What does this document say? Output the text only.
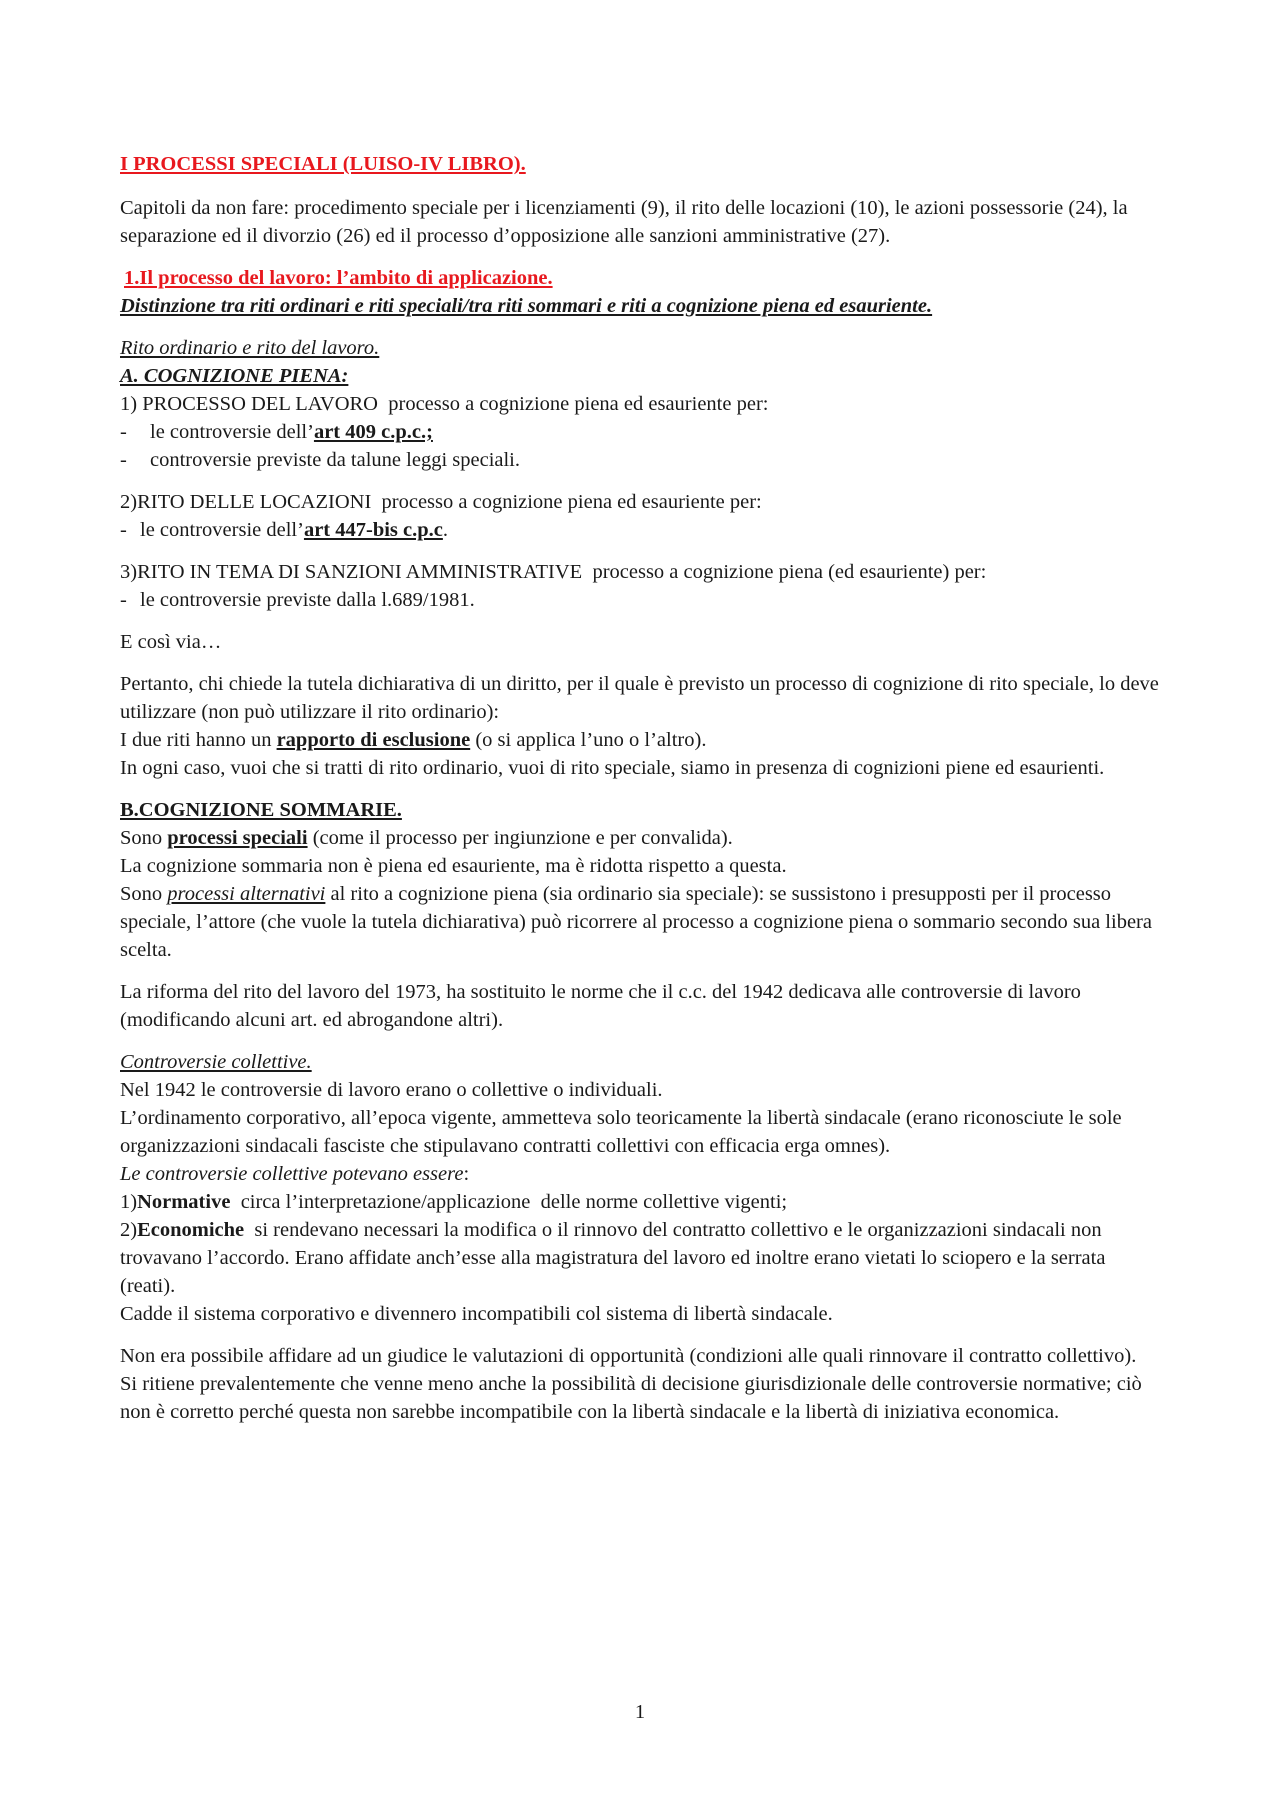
I PROCESSI SPECIALI (LUISO-IV LIBRO).

Capitoli da non fare: procedimento speciale per i licenziamenti (9), il rito delle locazioni (10), le azioni possessorie (24), la separazione ed il divorzio (26) ed il processo d’opposizione alle sanzioni amministrative (27).

1.Il processo del lavoro: l’ambito di applicazione.

Distinzione tra riti ordinari e riti speciali/tra riti sommari e riti a cognizione piena ed esauriente.

Rito ordinario e rito del lavoro.

A. COGNIZIONE PIENA:

1) PROCESSO DEL LAVORO processo a cognizione piena ed esauriente per:

-	le controversie dell’art 409 c.p.c.;
-	controversie previste da talune leggi speciali.

2)RITO DELLE LOCAZIONI processo a cognizione piena ed esauriente per:

- le controversie dell’art 447-bis c.p.c.

3)RITO IN TEMA DI SANZIONI AMMINISTRATIVE processo a cognizione piena (ed esauriente) per:

- le controversie previste dalla l.689/1981.

E così via…

Pertanto, chi chiede la tutela dichiarativa di un diritto, per il quale è previsto un processo di cognizione di rito speciale, lo deve utilizzare (non può utilizzare il rito ordinario):

I due riti hanno un rapporto di esclusione (o si applica l’uno o l’altro).

In ogni caso, vuoi che si tratti di rito ordinario, vuoi di rito speciale, siamo in presenza di cognizioni piene ed esaurienti.

B.COGNIZIONE SOMMARIE.

Sono processi speciali (come il processo per ingiunzione e per convalida).

La cognizione sommaria non è piena ed esauriente, ma è ridotta rispetto a questa.

Sono processi alternativi al rito a cognizione piena (sia ordinario sia speciale): se sussistono i presupposti per il processo speciale, l’attore (che vuole la tutela dichiarativa) può ricorrere al processo a cognizione piena o sommario secondo sua libera scelta.

La riforma del rito del lavoro del 1973, ha sostituito le norme che il c.c. del 1942 dedicava alle controversie di lavoro (modificando alcuni art. ed abrogandone altri).

Controversie collettive.

Nel 1942 le controversie di lavoro erano o collettive o individuali.

L’ordinamento corporativo, all’epoca vigente, ammetteva solo teoricamente la libertà sindacale (erano riconosciute le sole organizzazioni sindacali fasciste che stipulavano contratti collettivi con efficacia erga omnes).

Le controversie collettive potevano essere:

1)Normative  circa l’interpretazione/applicazione  delle norme collettive vigenti;

2)Economiche  si rendevano necessari la modifica o il rinnovo del contratto collettivo e le organizzazioni sindacali non trovavano l’accordo. Erano affidate anch’esse alla magistratura del lavoro ed inoltre erano vietati lo sciopero e la serrata (reati).

Cadde il sistema corporativo e divennero incompatibili col sistema di libertà sindacale.

Non era possibile affidare ad un giudice le valutazioni di opportunità (condizioni alle quali rinnovare il contratto collettivo).

Si ritiene prevalentemente che venne meno anche la possibilità di decisione giurisdizionale delle controversie normative; ciò non è corretto perché questa non sarebbe incompatibile con la libertà sindacale e la libertà di iniziativa economica.

1
